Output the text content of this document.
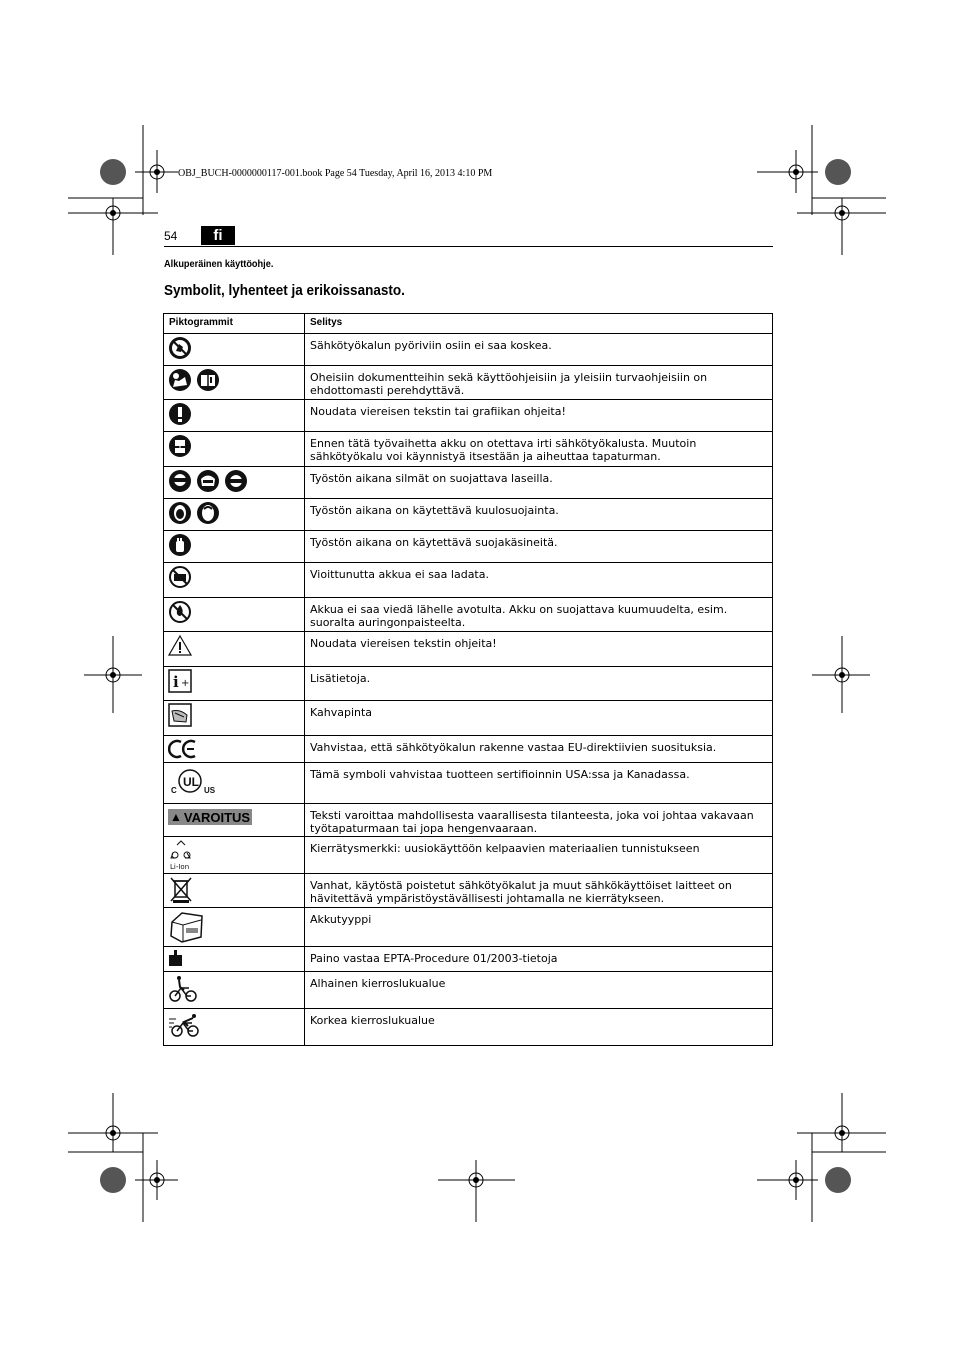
OBJ_BUCH-0000000117-001.book Page 54 Tuesday, April 16, 2013 4:10 PM
54	fi
Alkuperäinen käyttöohje.
Symbolit, lyhenteet ja erikoissanasto.
Piktogrammit	Selitys

	Sähkötyökalun pyöriviin osiin ei saa koskea.

	Oheisiin dokumentteihin sekä käyttöohjeisiin ja yleisiin turvaohjeisiin on ehdottomasti perehdyttävä.

	Noudata viereisen tekstin tai grafiikan ohjeita!

	Ennen tätä työvaihetta akku on otettava irti sähkötyökalusta. Muutoin sähkötyökalu voi käynnistyä itsestään ja aiheuttaa tapaturman.

	Työstön aikana silmät on suojattava laseilla.

	Työstön aikana on käytettävä kuulosuojainta.

	Työstön aikana on käytettävä suojakäsineitä.

	Vioittunutta akkua ei saa ladata.

	Akkua ei saa viedä lähelle avotulta. Akku on suojattava kuumuudelta, esim. suoralta auringonpaisteelta.

	Noudata viereisen tekstin ohjeita!

i +	Lisätietoja.

	Kahvapinta

	Vahvistaa, että sähkötyökalun rakenne vastaa EU-direktiivien suosituksia.

C
UL
US	Tämä symboli vahvistaa tuotteen sertifioinnin USA:ssa ja Kanadassa.

▲ VAROITUS	Teksti varoittaa mahdollisesta vaarallisesta tilanteesta, joka voi johtaa vakavaan työtapaturmaan tai jopa hengenvaaraan.

Li-Ion	Kierrätysmerkki: uusiokäyttöön kelpaavien materiaalien tunnistukseen

	Vanhat, käytöstä poistetut sähkötyökalut ja muut sähkökäyttöiset laitteet on hävitettävä ympäristöystävällisesti johtamalla ne kierrätykseen.

	Akkutyyppi

	Paino vastaa EPTA-Procedure 01/2003-tietoja

	Alhainen kierroslukualue

	Korkea kierroslukualue
